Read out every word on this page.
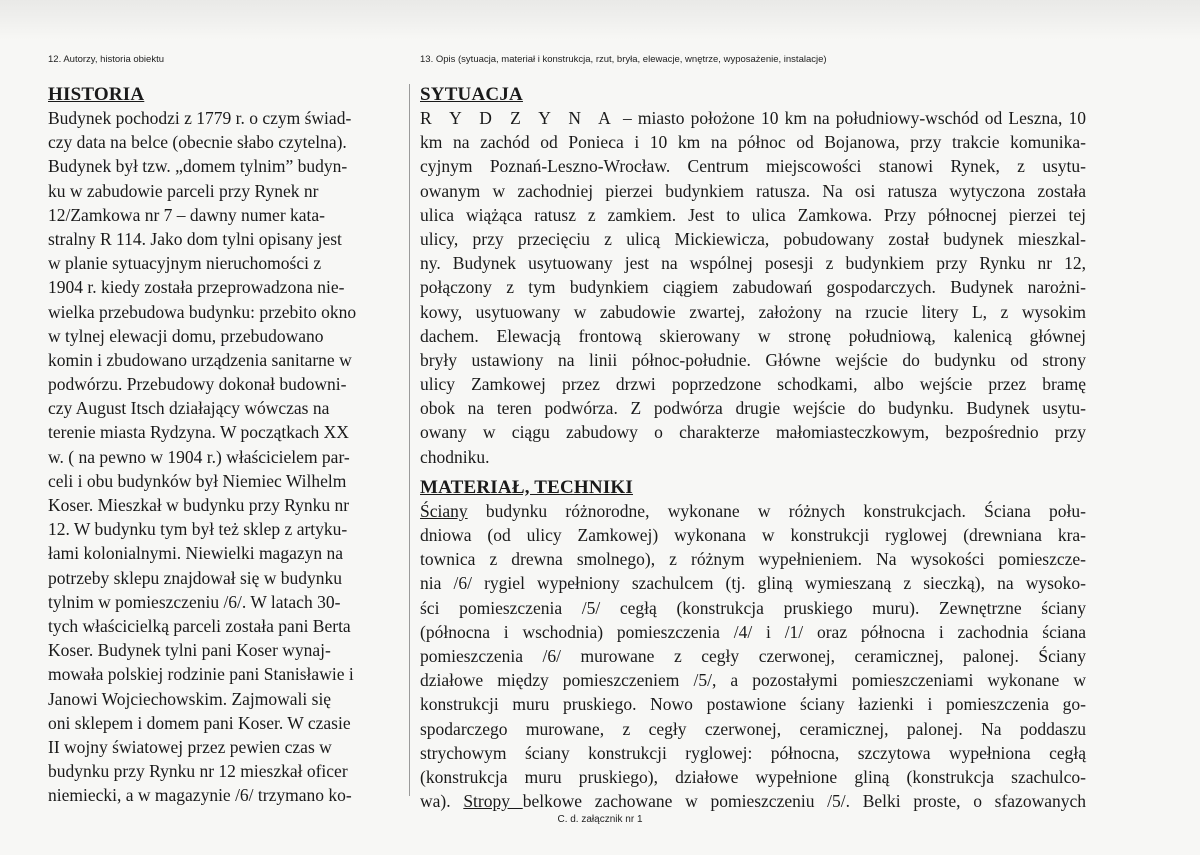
12. Autorzy, historia obiektu	13. Opis (sytuacja, materiał i konstrukcja, rzut, bryła, elewacje, wnętrze, wyposażenie, instalacje)
HISTORIA
Budynek pochodzi z 1779 r. o czym świad-
czy data na belce (obecnie słabo czytelna).
Budynek był tzw. „domem tylnim” budyn-
ku w zabudowie parceli przy Rynek nr
12/Zamkowa nr 7 – dawny numer kata-
stralny R 114. Jako dom tylni opisany jest
w planie sytuacyjnym nieruchomości z
1904 r. kiedy została przeprowadzona nie-
wielka przebudowa budynku: przebito okno
w tylnej elewacji domu, przebudowano
komin i zbudowano urządzenia sanitarne w
podwórzu. Przebudowy dokonał budowni-
czy August Itsch działający wówczas na
terenie miasta Rydzyna. W początkach XX
w. ( na pewno w 1904 r.) właścicielem par-
celi i obu budynków był Niemiec Wilhelm
Koser. Mieszkał w budynku przy Rynku nr
12. W budynku tym był też sklep z artyku-
łami kolonialnymi. Niewielki magazyn na
potrzeby sklepu znajdował się w budynku
tylnim w pomieszczeniu /6/. W latach 30-
tych właścicielką parceli została pani Berta
Koser. Budynek tylni pani Koser wynaj-
mowała polskiej rodzinie pani Stanisławie i
Janowi Wojciechowskim. Zajmowali się
oni sklepem i domem pani Koser. W czasie
II wojny światowej przez pewien czas w
budynku przy Rynku nr 12 mieszkał oficer
niemiecki, a w magazynie /6/ trzymano ko-
SYTUACJA
R Y D Z Y N A – miasto położone 10 km na południowy-wschód od Leszna, 10
km na zachód od Ponieca i 10 km na północ od Bojanowa, przy trakcie komunika-
cyjnym Poznań-Leszno-Wrocław. Centrum miejscowości stanowi Rynek, z usytu-
owanym w zachodniej pierzei budynkiem ratusza. Na osi ratusza wytyczona została
ulica wiążąca ratusz z zamkiem. Jest to ulica Zamkowa. Przy północnej pierzei tej
ulicy, przy przecięciu z ulicą Mickiewicza, pobudowany został budynek mieszkal-
ny. Budynek usytuowany jest na wspólnej posesji z budynkiem przy Rynku nr 12,
połączony z tym budynkiem ciągiem zabudowań gospodarczych. Budynek narożni-
kowy, usytuowany w zabudowie zwartej, założony na rzucie litery L, z wysokim
dachem. Elewacją frontową skierowany w stronę południową, kalenicą głównej
bryły ustawiony na linii północ-południe. Główne wejście do budynku od strony
ulicy Zamkowej przez drzwi poprzedzone schodkami, albo wejście przez bramę
obok na teren podwórza. Z podwórza drugie wejście do budynku. Budynek usytu-
owany w ciągu zabudowy o charakterze małomiasteczkowym, bezpośrednio przy
chodniku.
MATERIAŁ, TECHNIKI
Ściany budynku różnorodne, wykonane w różnych konstrukcjach. Ściana połu-
dniowa (od ulicy Zamkowej) wykonana w konstrukcji ryglowej (drewniana kra-
townica z drewna smolnego), z różnym wypełnieniem. Na wysokości pomieszcze-
nia /6/ rygiel wypełniony szachulcem (tj. gliną wymieszaną z sieczką), na wysoko-
ści pomieszczenia /5/ cegłą (konstrukcja pruskiego muru). Zewnętrzne ściany
(północna i wschodnia) pomieszczenia /4/ i /1/ oraz północna i zachodnia ściana
pomieszczenia /6/ murowane z cegły czerwonej, ceramicznej, palonej. Ściany
działowe między pomieszczeniem /5/, a pozostałymi pomieszczeniami wykonane w
konstrukcji muru pruskiego. Nowo postawione ściany łazienki i pomieszczenia go-
spodarczego murowane, z cegły czerwonej, ceramicznej, palonej. Na poddaszu
strychowym ściany konstrukcji ryglowej: północna, szczytowa wypełniona cegłą
(konstrukcja muru pruskiego), działowe wypełnione gliną (konstrukcja szachulco-
wa). Stropy belkowe zachowane w pomieszczeniu /5/. Belki proste, o sfazowanych
C. d. załącznik nr 1
